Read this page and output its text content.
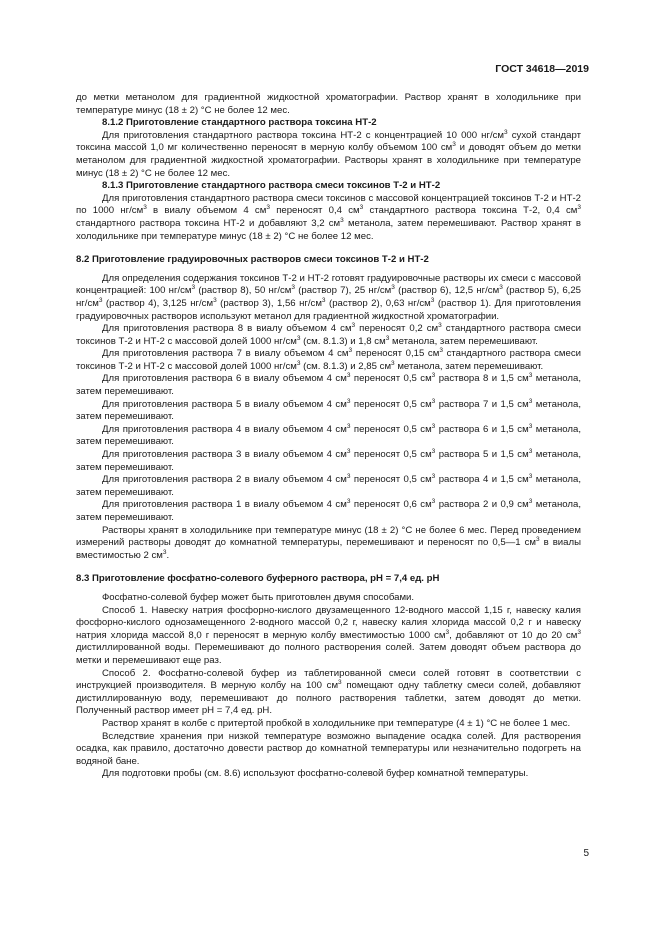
ГОСТ 34618—2019

до метки метанолом для градиентной жидкостной хроматографии. Раствор хранят в холодильнике при температуре минус (18 ± 2) °С не более 12 мес.

8.1.2 Приготовление стандартного раствора токсина НТ-2

Для приготовления стандартного раствора токсина НТ-2 с концентрацией 10 000 $нг/см^3$ сухой стандарт токсина массой 1,0 мг количественно переносят в мерную колбу объемом 100 $см^3$ и доводят объем до метки метанолом для градиентной жидкостной хроматографии. Растворы хранят в холодильнике при температуре минус (18 ± 2) °С не более 12 мес.

8.1.3 Приготовление стандартного раствора смеси токсинов Т-2 и НТ-2

Для приготовления стандартного раствора смеси токсинов с массовой концентрацией токсинов Т-2 и НТ-2 по 1000 $нг/см^3$ в виалу объемом 4 $см^3$ переносят 0,4 $см^3$ стандартного раствора токсина Т-2, 0,4 $см^3$ стандартного раствора токсина НТ-2 и добавляют 3,2 $см^3$ метанола, затем перемешивают. Раствор хранят в холодильнике при температуре минус (18 ± 2) °С не более 12 мес.

8.2 Приготовление градуировочных растворов смеси токсинов Т-2 и НТ-2

Для определения содержания токсинов Т-2 и НТ-2 готовят градуировочные растворы их смеси с массовой концентрацией: 100 $нг/см^3$ (раствор 8), 50 $нг/см^3$ (раствор 7), 25 $нг/см^3$ (раствор 6), 12,5 $нг/см^3$ (раствор 5), 6,25 $нг/см^3$ (раствор 4), 3,125 $нг/см^3$ (раствор 3), 1,56 $нг/см^3$ (раствор 2), 0,63 $нг/см^3$ (раствор 1). Для приготовления градуировочных растворов используют метанол для градиентной жидкостной хроматографии.

Для приготовления раствора 8 в виалу объемом 4 $см^3$ переносят 0,2 $см^3$ стандартного раствора смеси токсинов Т-2 и НТ-2 с массовой долей 1000 $нг/см^3$ (см. 8.1.3) и 1,8 $см^3$ метанола, затем перемешивают.

Для приготовления раствора 7 в виалу объемом 4 $см^3$ переносят 0,15 $см^3$ стандартного раствора смеси токсинов Т-2 и НТ-2 с массовой долей 1000 $нг/см^3$ (см. 8.1.3) и 2,85 $см^3$ метанола, затем перемешивают.

Для приготовления раствора 6 в виалу объемом 4 $см^3$ переносят 0,5 $см^3$ раствора 8 и 1,5 $см^3$ метанола, затем перемешивают.

Для приготовления раствора 5 в виалу объемом 4 $см^3$ переносят 0,5 $см^3$ раствора 7 и 1,5 $см^3$ метанола, затем перемешивают.

Для приготовления раствора 4 в виалу объемом 4 $см^3$ переносят 0,5 $см^3$ раствора 6 и 1,5 $см^3$ метанола, затем перемешивают.

Для приготовления раствора 3 в виалу объемом 4 $см^3$ переносят 0,5 $см^3$ раствора 5 и 1,5 $см^3$ метанола, затем перемешивают.

Для приготовления раствора 2 в виалу объемом 4 $см^3$ переносят 0,5 $см^3$ раствора 4 и 1,5 $см^3$ метанола, затем перемешивают.

Для приготовления раствора 1 в виалу объемом 4 $см^3$ переносят 0,6 $см^3$ раствора 2 и 0,9 $см^3$ метанола, затем перемешивают.

Растворы хранят в холодильнике при температуре минус (18 ± 2) °С не более 6 мес. Перед проведением измерений растворы доводят до комнатной температуры, перемешивают и переносят по 0,5—1 $см^3$ в виалы вместимостью 2 $см^3$.

8.3 Приготовление фосфатно-солевого буферного раствора, рН = 7,4 ед. рН

Фосфатно-солевой буфер может быть приготовлен двумя способами.

Способ 1. Навеску натрия фосфорно-кислого двузамещенного 12-водного массой 1,15 г, навеску калия фосфорно-кислого однозамещенного 2-водного массой 0,2 г, навеску калия хлорида массой 0,2 г и навеску натрия хлорида массой 8,0 г переносят в мерную колбу вместимостью 1000 $см^3$, добавляют от 10 до 20 $см^3$ дистиллированной воды. Перемешивают до полного растворения солей. Затем доводят объем раствора до метки и перемешивают еще раз.

Способ 2. Фосфатно-солевой буфер из таблетированной смеси солей готовят в соответствии с инструкцией производителя. В мерную колбу на 100 $см^3$ помещают одну таблетку смеси солей, добавляют дистиллированную воду, перемешивают до полного растворения таблетки, затем доводят до метки. Полученный раствор имеет рН = 7,4 ед. рН.

Раствор хранят в колбе с притертой пробкой в холодильнике при температуре (4 ± 1) °С не более 1 мес.

Вследствие хранения при низкой температуре возможно выпадение осадка солей. Для растворения осадка, как правило, достаточно довести раствор до комнатной температуры или незначительно подогреть на водяной бане.

Для подготовки пробы (см. 8.6) используют фосфатно-солевой буфер комнатной температуры.

5
